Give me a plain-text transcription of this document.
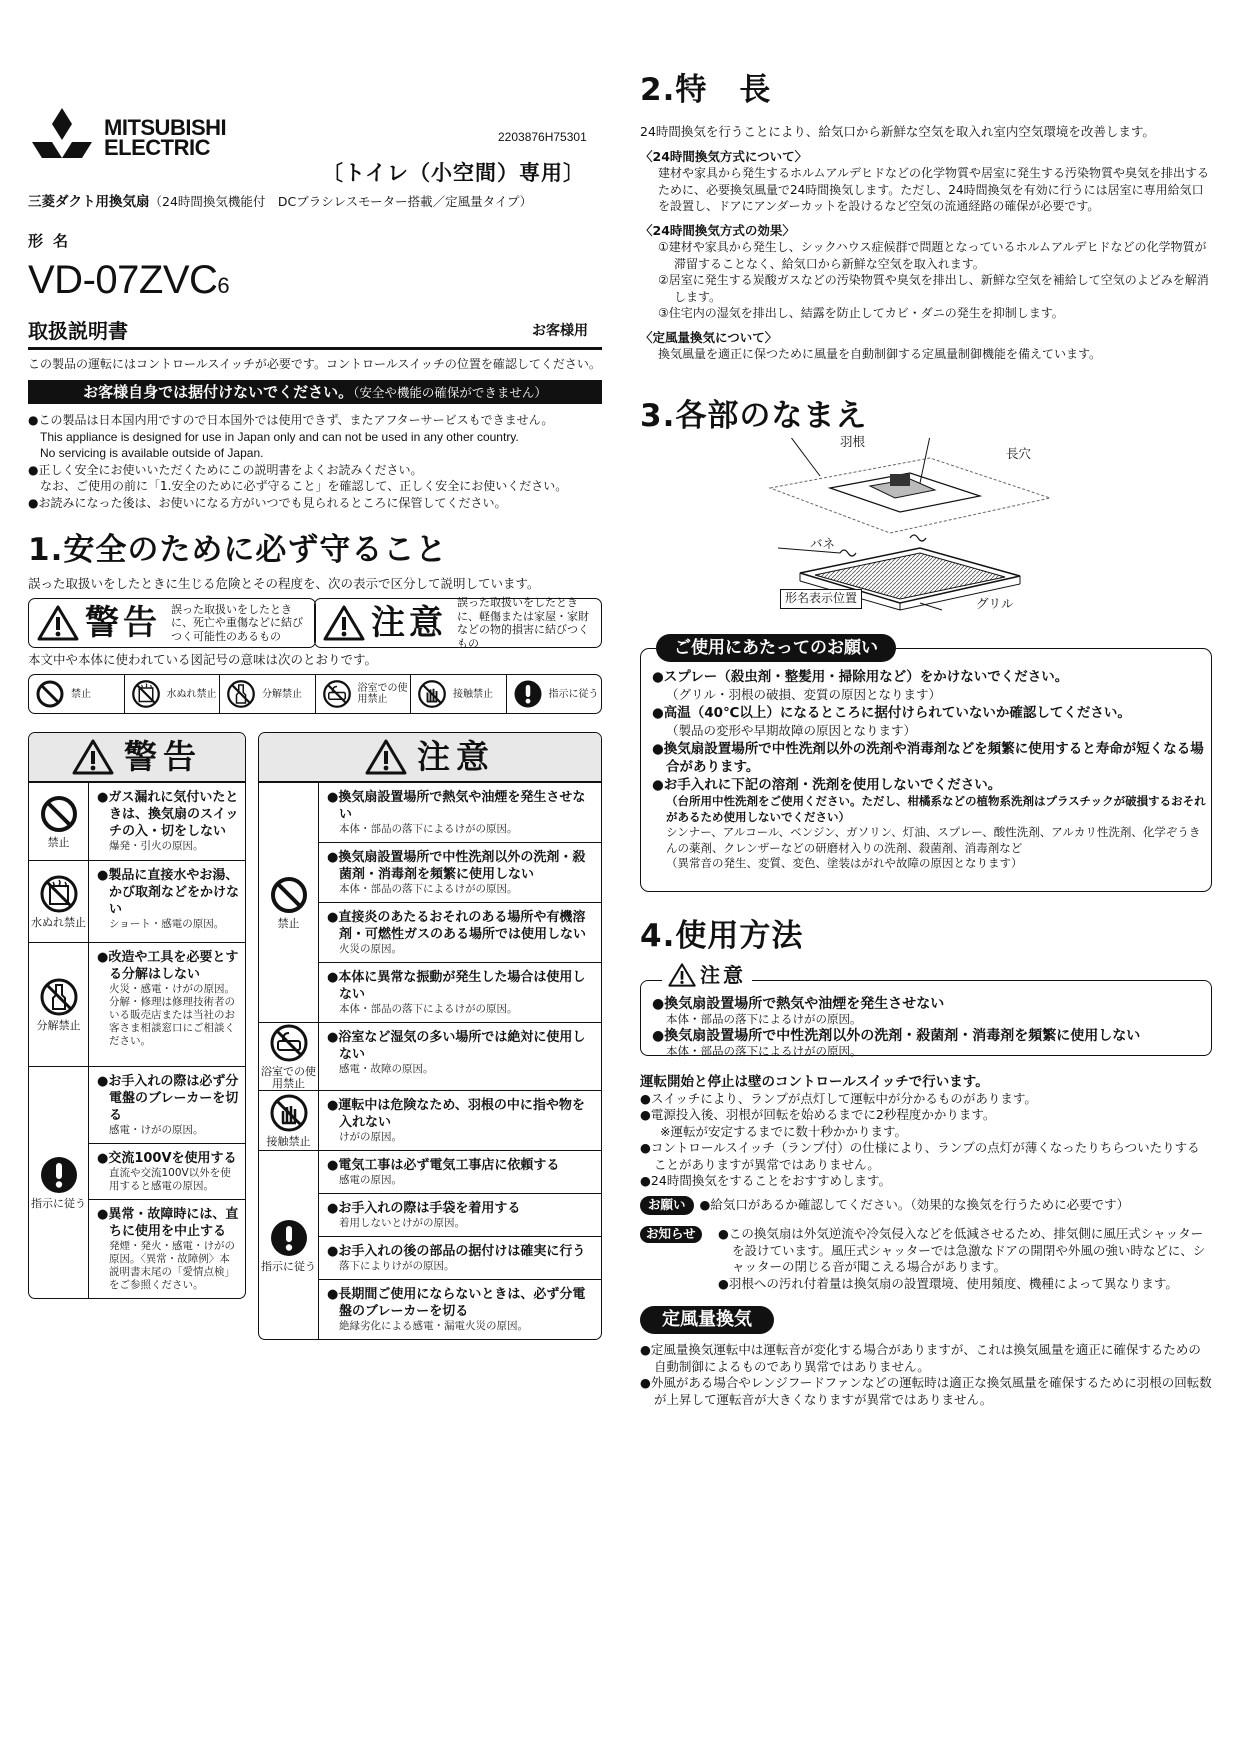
MITSUBISHI
ELECTRIC	2203876H75301
〔トイレ（小空間）専用〕
三菱ダクト用換気扇（24時間換気機能付　DCブラシレスモーター搭載／定風量タイプ）
形名
VD-07ZVC6
取扱説明書	お客様用
この製品の運転にはコントロールスイッチが必要です。コントロールスイッチの位置を確認してください。
お客様自身では据付けないでください。（安全や機能の確保ができません）

●この製品は日本国内用ですので日本国外では使用できず、またアフターサービスもできません。

This appliance is designed for use in Japan only and can not be used in any other country.

No servicing is available outside of Japan.

●正しく安全にお使いいただくためにこの説明書をよくお読みください。

なお、ご使用の前に「1.安全のために必ず守ること」を確認して、正しく安全にお使いください。

●お読みになった後は、お使いになる方がいつでも見られるところに保管してください。

1.安全のために必ず守ること
誤った取扱いをしたときに生じる危険とその程度を、次の表示で区分して説明しています。
警告 誤った取扱いをしたときに、死亡や重傷などに結びつく可能性のあるもの	注意
誤った取扱いをしたときに、軽傷または家屋・家財などの物的損害に結びつくもの
本文中や本体に使われている図記号の意味は次のとおりです。
禁止	水ぬれ禁止	分解禁止	浴室での使用禁止	接触禁止	指示に従う
警告
禁止
●ガス漏れに気付いたときは、換気扇のスイッチの入・切をしない
爆発・引火の原因。
水ぬれ禁止
●製品に直接水やお湯、かび取剤などをかけない
ショート・感電の原因。
分解禁止
●改造や工具を必要とする分解はしない
火災・感電・けがの原因。分解・修理は修理技術者のいる販売店または当社のお客さま相談窓口にご相談ください。
指示に従う
●お手入れの際は必ず分電盤のブレーカーを切る
感電・けがの原因。
●交流100Vを使用する
直流や交流100V以外を使用すると感電の原因。
●異常・故障時には、直ちに使用を中止する
発煙・発火・感電・けがの原因。〈異常・故障例〉本説明書末尾の「愛情点検」をご参照ください。
注意
禁止
●換気扇設置場所で熱気や油煙を発生させない
本体・部品の落下によるけがの原因。
●換気扇設置場所で中性洗剤以外の洗剤・殺菌剤・消毒剤を頻繁に使用しない
本体・部品の落下によるけがの原因。
●直接炎のあたるおそれのある場所や有機溶剤・可燃性ガスのある場所では使用しない
火災の原因。
●本体に異常な振動が発生した場合は使用しない
本体・部品の落下によるけがの原因。
浴室での使用禁止
●浴室など湿気の多い場所では絶対に使用しない
感電・故障の原因。
接触禁止
●運転中は危険なため、羽根の中に指や物を入れない
けがの原因。
指示に従う
●電気工事は必ず電気工事店に依頼する
感電の原因。
●お手入れの際は手袋を着用する
着用しないとけがの原因。
●お手入れの後の部品の据付けは確実に行う
落下によりけがの原因。
●長期間ご使用にならないときは、必ず分電盤のブレーカーを切る
絶縁劣化による感電・漏電火災の原因。
2.特　長
24時間換気を行うことにより、給気口から新鮮な空気を取入れ室内空気環境を改善します。
〈24時間換気方式について〉
建材や家具から発生するホルムアルデヒドなどの化学物質や居室に発生する汚染物質や臭気を排出するために、必要換気風量で24時間換気します。ただし、24時間換気を有効に行うには居室に専用給気口を設置し、ドアにアンダーカットを設けるなど空気の流通経路の確保が必要です。
〈24時間換気方式の効果〉
①建材や家具から発生し、シックハウス症候群で問題となっているホルムアルデヒドなどの化学物質が滞留することなく、給気口から新鮮な空気を取入れます。
②居室に発生する炭酸ガスなどの汚染物質や臭気を排出し、新鮮な空気を補給して空気のよどみを解消します。
③住宅内の湿気を排出し、結露を防止してカビ・ダニの発生を抑制します。
〈定風量換気について〉
換気風量を適正に保つために風量を自動制御する定風量制御機能を備えています。
3.各部のなまえ
羽根
長穴
バネ
グリル
形名表示位置
ご使用にあたってのお願い
●スプレー（殺虫剤・整髪用・掃除用など）をかけないでください。
（グリル・羽根の破損、変質の原因となります）
●高温（40℃以上）になるところに据付けられていないか確認してください。
（製品の変形や早期故障の原因となります）
●換気扇設置場所で中性洗剤以外の洗剤や消毒剤などを頻繁に使用すると寿命が短くなる場合があります。
●お手入れに下記の溶剤・洗剤を使用しないでください。
（台所用中性洗剤をご使用ください。ただし、柑橘系などの植物系洗剤はプラスチックが破損するおそれがあるため使用しないでください）
シンナー、アルコール、ベンジン、ガソリン、灯油、スプレー、酸性洗剤、アルカリ性洗剤、化学ぞうきんの薬剤、クレンザーなどの研磨材入りの洗剤、殺菌剤、消毒剤など
（異常音の発生、変質、変色、塗装はがれや故障の原因となります）
4.使用方法
注意
●換気扇設置場所で熱気や油煙を発生させない
本体・部品の落下によるけがの原因。
●換気扇設置場所で中性洗剤以外の洗剤・殺菌剤・消毒剤を頻繁に使用しない
本体・部品の落下によるけがの原因。
運転開始と停止は壁のコントロールスイッチで行います。
●スイッチにより、ランプが点灯して運転中が分かるものがあります。
●電源投入後、羽根が回転を始めるまでに2秒程度かかります。
※運転が安定するまでに数十秒かかります。
●コントロールスイッチ（ランプ付）の仕様により、ランプの点灯が薄くなったりちらついたりすることがありますが異常ではありません。
●24時間換気をすることをおすすめします。
お願い	●給気口があるか確認してください。（効果的な換気を行うために必要です）
お知らせ	●この換気扇は外気逆流や冷気侵入などを低減させるため、排気側に風圧式シャッターを設けています。風圧式シャッターでは急激なドアの開閉や外風の強い時などに、シャッターの閉じる音が聞こえる場合があります。
●羽根への汚れ付着量は換気扇の設置環境、使用頻度、機種によって異なります。
定風量換気
●定風量換気運転中は運転音が変化する場合がありますが、これは換気風量を適正に確保するための自動制御によるものであり異常ではありません。
●外風がある場合やレンジフードファンなどの運転時は適正な換気風量を確保するために羽根の回転数が上昇して運転音が大きくなりますが異常ではありません。
